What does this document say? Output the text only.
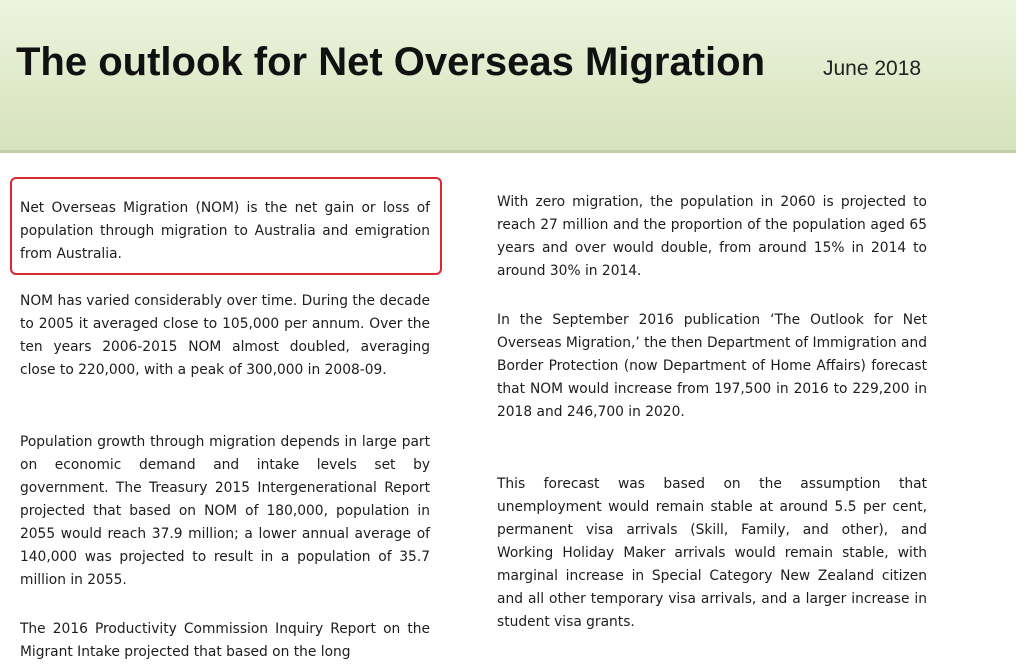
The outlook for Net Overseas Migration	June 2018

Net Overseas Migration (NOM) is the net gain or loss of population through migration to Australia and emigration from Australia.

NOM has varied considerably over time. During the decade to 2005 it averaged close to 105,000 per annum. Over the ten years 2006-2015 NOM almost doubled, averaging close to 220,000, with a peak of 300,000 in 2008-09.

Population growth through migration depends in large part on economic demand and intake levels set by government. The Treasury 2015 Intergenerational Report projected that based on NOM of 180,000, population in 2055 would reach 37.9 million; a lower annual average of 140,000 was projected to result in a population of 35.7 million in 2055.

The 2016 Productivity Commission Inquiry Report on the Migrant Intake projected that based on the long

With zero migration, the population in 2060 is projected to reach 27 million and the proportion of the population aged 65 years and over would double, from around 15% in 2014 to around 30% in 2014.

In the September 2016 publication ‘The Outlook for Net Overseas Migration,’ the then Department of Immigration and Border Protection (now Department of Home Affairs) forecast that NOM would increase from 197,500 in 2016 to 229,200 in 2018 and 246,700 in 2020.

This forecast was based on the assumption that unemployment would remain stable at around 5.5 per cent, permanent visa arrivals (Skill, Family, and other), and Working Holiday Maker arrivals would remain stable, with marginal increase in Special Category New Zealand citizen and all other temporary visa arrivals, and a larger increase in student visa grants.
